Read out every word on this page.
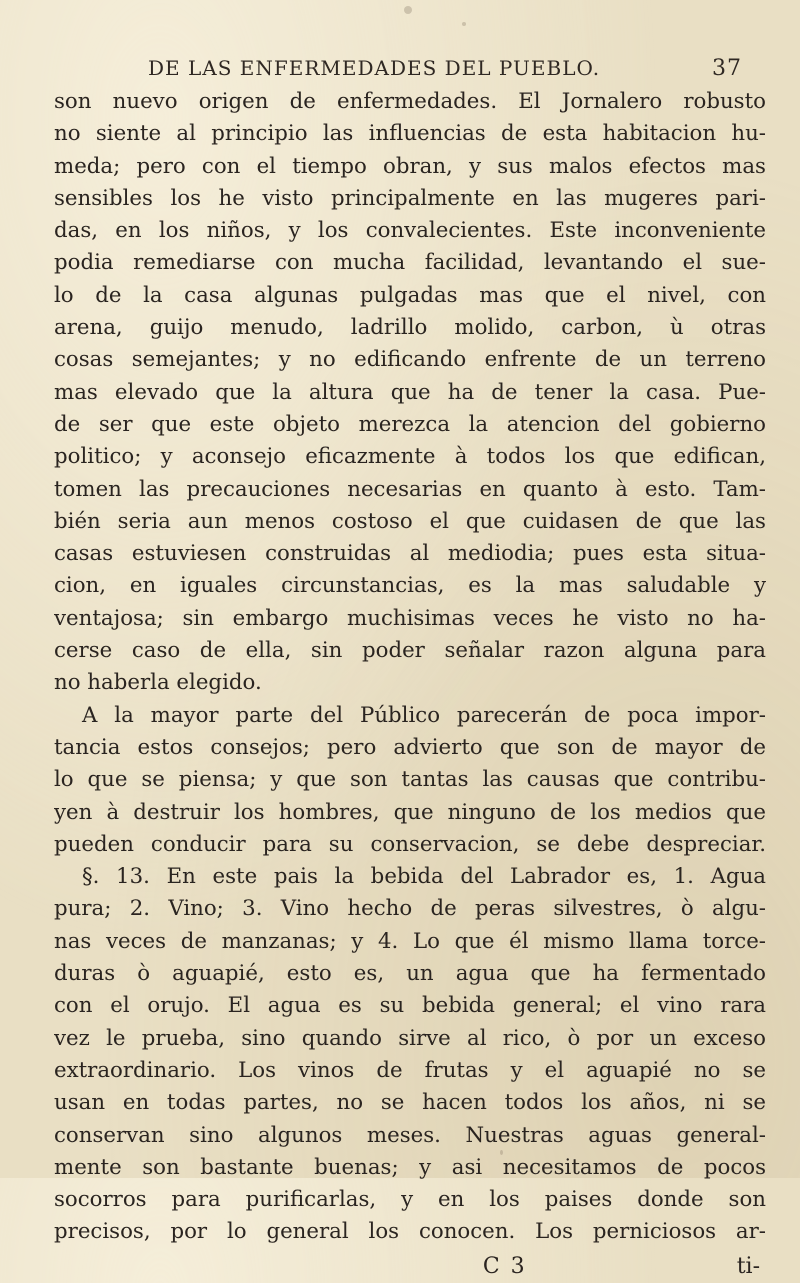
DE LAS ENFERMEDADES DEL PUEBLO.	37
son nuevo origen de enfermedades. El Jornalero robusto
no siente al principio las influencias de esta habitacion hu-
meda; pero con el tiempo obran, y sus malos efectos mas
sensibles los he visto principalmente en las mugeres pari-
das, en los niños, y los convalecientes. Este inconveniente
podia remediarse con mucha facilidad, levantando el sue-
lo de la casa algunas pulgadas mas que el nivel, con
arena, guijo menudo, ladrillo molido, carbon, ù otras
cosas semejantes; y no edificando enfrente de un terreno
mas elevado que la altura que ha de tener la casa. Pue-
de ser que este objeto merezca la atencion del gobierno
politico; y aconsejo eficazmente à todos los que edifican,
tomen las precauciones necesarias en quanto à esto. Tam-
bién seria aun menos costoso el que cuidasen de que las
casas estuviesen construidas al mediodia; pues esta situa-
cion, en iguales circunstancias, es la mas saludable y
ventajosa; sin embargo muchisimas veces he visto no ha-
cerse caso de ella, sin poder señalar razon alguna para
no haberla elegido.
A la mayor parte del Público parecerán de poca impor-
tancia estos consejos; pero advierto que son de mayor de
lo que se piensa; y que son tantas las causas que contribu-
yen à destruir los hombres, que ninguno de los medios que
pueden conducir para su conservacion, se debe despreciar.
§. 13. En este pais la bebida del Labrador es, 1. Agua
pura; 2. Vino; 3. Vino hecho de peras silvestres, ò algu-
nas veces de manzanas; y 4. Lo que él mismo llama torce-
duras ò aguapié, esto es, un agua que ha fermentado
con el orujo. El agua es su bebida general; el vino rara
vez le prueba, sino quando sirve al rico, ò por un exceso
extraordinario. Los vinos de frutas y el aguapié no se
usan en todas partes, no se hacen todos los años, ni se
conservan sino algunos meses. Nuestras aguas general-
mente son bastante buenas; y asi necesitamos de pocos
socorros para purificarlas, y en los paises donde son
precisos, por lo general los conocen. Los perniciosos ar-
C 3	ti-
